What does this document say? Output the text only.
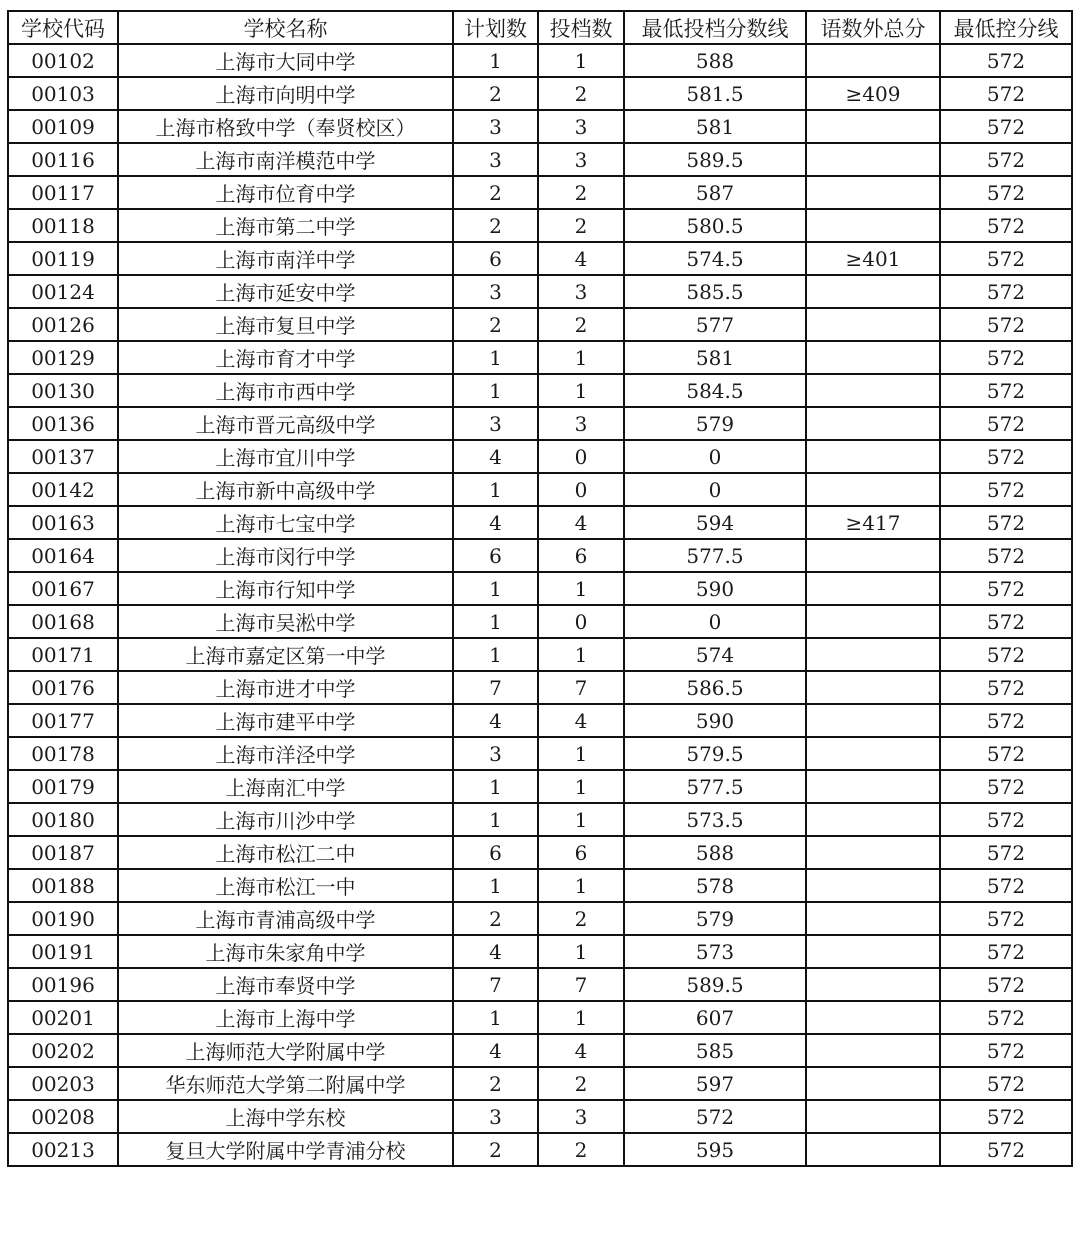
学校代码	学校名称	计划数	投档数	最低投档分数线	语数外总分	最低控分线
00102	上海市大同中学	1	1	588		572
00103	上海市向明中学	2	2	581.5	≥409	572
00109	上海市格致中学（奉贤校区）	3	3	581		572
00116	上海市南洋模范中学	3	3	589.5		572
00117	上海市位育中学	2	2	587		572
00118	上海市第二中学	2	2	580.5		572
00119	上海市南洋中学	6	4	574.5	≥401	572
00124	上海市延安中学	3	3	585.5		572
00126	上海市复旦中学	2	2	577		572
00129	上海市育才中学	1	1	581		572
00130	上海市市西中学	1	1	584.5		572
00136	上海市晋元高级中学	3	3	579		572
00137	上海市宜川中学	4	0	0		572
00142	上海市新中高级中学	1	0	0		572
00163	上海市七宝中学	4	4	594	≥417	572
00164	上海市闵行中学	6	6	577.5		572
00167	上海市行知中学	1	1	590		572
00168	上海市吴淞中学	1	0	0		572
00171	上海市嘉定区第一中学	1	1	574		572
00176	上海市进才中学	7	7	586.5		572
00177	上海市建平中学	4	4	590		572
00178	上海市洋泾中学	3	1	579.5		572
00179	上海南汇中学	1	1	577.5		572
00180	上海市川沙中学	1	1	573.5		572
00187	上海市松江二中	6	6	588		572
00188	上海市松江一中	1	1	578		572
00190	上海市青浦高级中学	2	2	579		572
00191	上海市朱家角中学	4	1	573		572
00196	上海市奉贤中学	7	7	589.5		572
00201	上海市上海中学	1	1	607		572
00202	上海师范大学附属中学	4	4	585		572
00203	华东师范大学第二附属中学	2	2	597		572
00208	上海中学东校	3	3	572		572
00213	复旦大学附属中学青浦分校	2	2	595		572
